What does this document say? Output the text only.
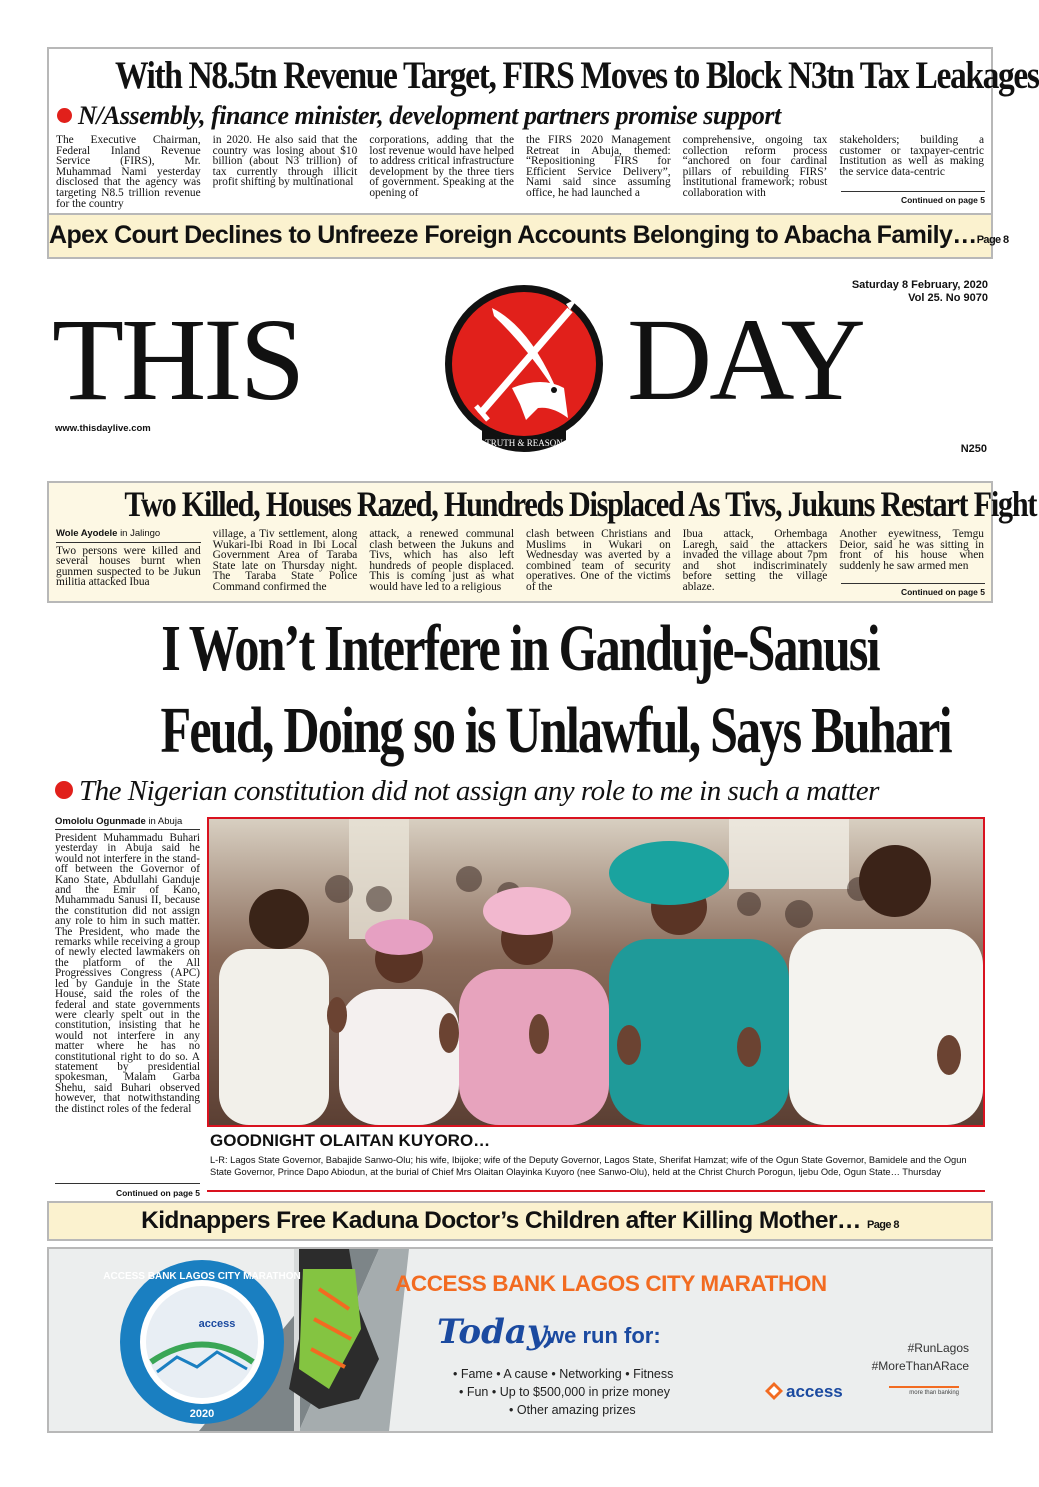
With N8.5tn Revenue Target, FIRS Moves to Block N3tn Tax Leakages
N/Assembly, finance minister, development partners promise support
The Executive Chairman, Federal Inland Revenue Service (FIRS), Mr. Muhammad Nami yesterday disclosed that the agency was targeting N8.5 trillion revenue for the country
in 2020. He also said that the country was losing about $10 billion (about N3 trillion) of tax currently through illicit profit shifting by multinational
corporations, adding that the lost revenue would have helped to address critical infrastructure development by the three tiers of government. Speaking at the opening of
the FIRS 2020 Management Retreat in Abuja, themed: “Repositioning FIRS for Efficient Service Delivery”, Nami said since assuming office, he had launched a
comprehensive, ongoing tax collection reform process “anchored on four cardinal pillars of rebuilding FIRS’ institutional framework; robust collaboration with
stakeholders; building a customer or taxpayer-centric Institution as well as making the service data-centric
Continued on page 5
Apex Court Declines to Unfreeze Foreign Accounts Belonging to Abacha Family…Page 8
THIS	DAY
TRUTH & REASON
Saturday 8 February, 2020
Vol 25. No 9070
www.thisdaylive.com
N250
Two Killed, Houses Razed, Hundreds Displaced As Tivs, Jukuns Restart Fight
Wole Ayodele in Jalingo
Two persons were killed and several houses burnt when gunmen suspected to be Jukun militia attacked Ibua
village, a Tiv settlement, along Wukari-Ibi Road in Ibi Local Government Area of Taraba State late on Thursday night. The Taraba State Police Command confirmed the
attack, a renewed communal clash between the Jukuns and Tivs, which has also left hundreds of people displaced. This is coming just as what would have led to a religious
clash between Christians and Muslims in Wukari on Wednesday was averted by a combined team of security operatives. One of the victims of the
Ibua attack, Orhembaga Laregh, said the attackers invaded the village about 7pm and shot indiscriminately before setting the village ablaze.
Another eyewitness, Temgu Deior, said he was sitting in front of his house when suddenly he saw armed men
Continued on page 5
I Won’t Interfere in Ganduje-Sanusi
Feud, Doing so is Unlawful, Says Buhari
The Nigerian constitution did not assign any role to me in such a matter
Omololu Ogunmade in Abuja
President Muhammadu Buhari yesterday in Abuja said he would not interfere in the stand-off between the Governor of Kano State, Abdullahi Ganduje and the Emir of Kano, Muhammadu Sanusi II, because the constitution did not assign any role to him in such matter. The President, who made the remarks while receiving a group of newly elected lawmakers on the platform of the All Progressives Congress (APC) led by Ganduje in the State House, said the roles of the federal and state governments were clearly spelt out in the constitution, insisting that he would not interfere in any matter where he has no constitutional right to do so. A statement by presidential spokesman, Malam Garba Shehu, said Buhari observed however, that notwithstanding the distinct roles of the federal
Continued on page 5
GOODNIGHT OLAITAN KUYORO…
L-R: Lagos State Governor, Babajide Sanwo-Olu; his wife, Ibijoke; wife of the Deputy Governor, Lagos State, Sherifat Hamzat; wife of the Ogun State Governor, Bamidele and the Ogun State Governor, Prince Dapo Abiodun, at the burial of Chief Mrs Olaitan Olayinka Kuyoro (nee Sanwo-Olu), held at the Christ Church Porogun, Ijebu Ode, Ogun State… Thursday
Kidnappers Free Kaduna Doctor’s Children after Killing Mother… Page 8
ACCESS BANK LAGOS CITY MARATHON
2020
access
ACCESS BANK LAGOS CITY MARATHON
Today,
we run for:
• Fame • A cause • Networking • Fitness
• Fun • Up to $500,000 in prize money
• Other amazing prizes
#RunLagos
#MoreThanARace
access	more than banking
